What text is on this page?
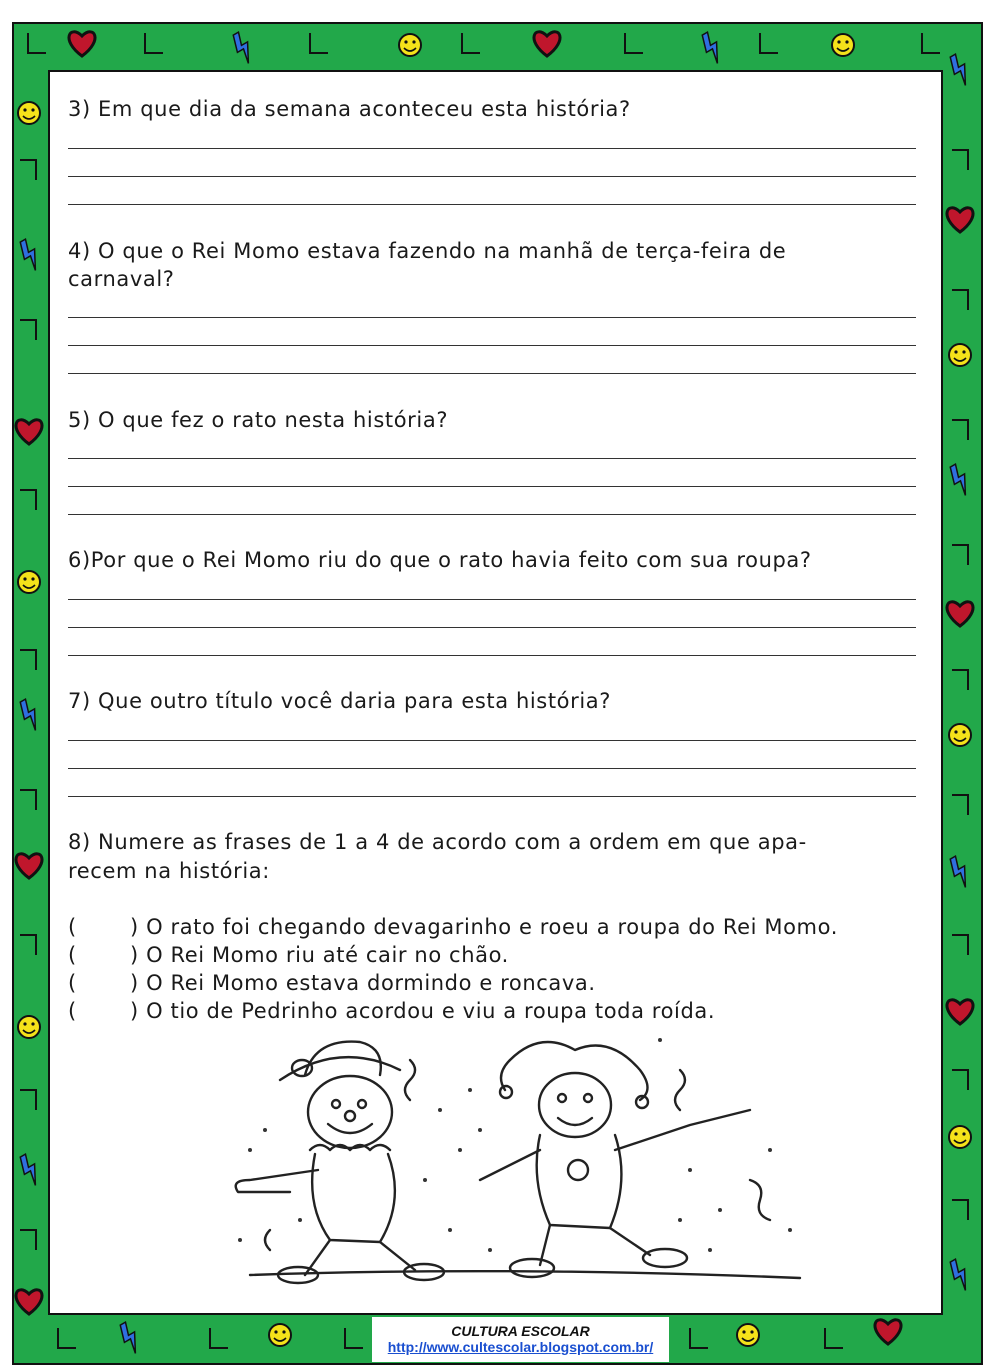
3) Em que dia da semana aconteceu esta história?
4) O que o Rei Momo estava fazendo na manhã de terça-feira de
carnaval?
5) O que fez o rato nesta história?
6)Por que o Rei Momo riu do que o rato havia feito com sua roupa?
7) Que outro título você daria para esta história?
8) Numere as frases de 1 a 4 de acordo com a ordem em que apa-
recem na história:
(	) O rato foi chegando devagarinho e roeu a roupa do Rei Momo.
(	) O Rei Momo riu até cair no chão.
(	) O Rei Momo estava dormindo e roncava.
(	) O tio de Pedrinho acordou e viu a roupa toda roída.
CULTURA ESCOLAR
http://www.cultescolar.blogspot.com.br/
